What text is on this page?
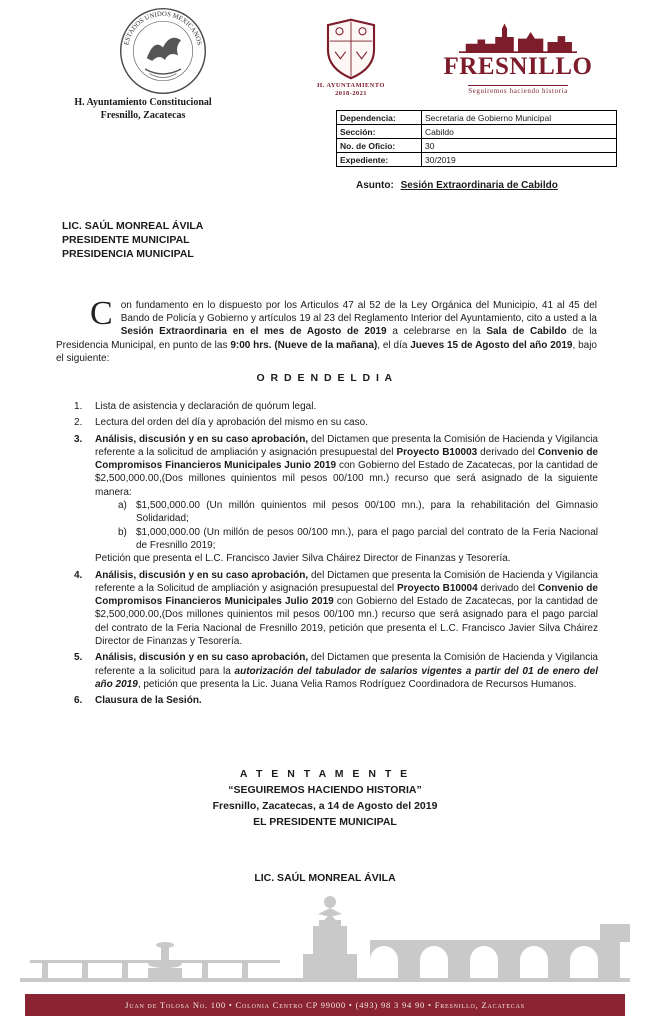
ESTADOS UNIDOS MEXICANOS
H. Ayuntamiento Constitucional
Fresnillo, Zacatecas
H. AYUNTAMIENTO
2018-2021
FRESNILLO
Seguiremos haciendo historia
Dependencia:	Secretaria de Gobierno Municipal
Sección:	Cabildo
No. de Oficio:	30
Expediente:	30/2019
Asunto: Sesión Extraordinaria de Cabildo
LIC. SAÚL MONREAL ÁVILA
PRESIDENTE MUNICIPAL
PRESIDENCIA MUNICIPAL

Con fundamento en lo dispuesto por los Articulos 47 al 52 de la Ley Orgánica del Municipio, 41 al 45 del Bando de Policía y Gobierno y artículos 19 al 23 del Reglamento Interior del Ayuntamiento, cito a usted a la Sesión Extraordinaria en el mes de Agosto de 2019 a celebrarse en la Sala de Cabildo de la Presidencia Municipal, en punto de las 9:00 hrs. (Nueve de la mañana), el día Jueves 15 de Agosto del año 2019, bajo el siguiente:

O R D E N D E L D I A
1.	Lista de asistencia y declaración de quórum legal.
2.	Lectura del orden del día y aprobación del mismo en su caso.
3.	Análisis, discusión y en su caso aprobación, del Dictamen que presenta la Comisión de Hacienda y Vigilancia referente a la solicitud de ampliación y asignación presupuestal del Proyecto B10003 derivado del Convenio de Compromisos Financieros Municipales Junio 2019 con Gobierno del Estado de Zacatecas, por la cantidad de $2,500,000.00,(Dos millones quinientos mil pesos 00/100 mn.) recurso que será asignado de la siguiente manera:
a) $1,500,000.00 (Un millón quinientos mil pesos 00/100 mn.), para la rehabilitación del Gimnasio Solidaridad;
b) $1,000,000.00 (Un millón de pesos 00/100 mn.), para el pago parcial del contrato de la Feria Nacional de Fresnillo 2019;
Petición que presenta el L.C. Francisco Javier Silva Cháirez Director de Finanzas y Tesorería.
4.	Análisis, discusión y en su caso aprobación, del Dictamen que presenta la Comisión de Hacienda y Vigilancia referente a la Solicitud de ampliación y asignación presupuestal del Proyecto B10004 derivado del Convenio de Compromisos Financieros Municipales Julio 2019 con Gobierno del Estado de Zacatecas, por la cantidad de $2,500,000.00,(Dos millones quinientos mil pesos 00/100 mn.) recurso que será asignado para el pago parcial del contrato de la Feria Nacional de Fresnillo 2019, petición que presenta el L.C. Francisco Javier Silva Cháirez Director de Finanzas y Tesorería.
5.	Análisis, discusión y en su caso aprobación, del Dictamen que presenta la Comisión de Hacienda y Vigilancia referente a la solicitud para la autorización del tabulador de salarios vigentes a partir del 01 de enero del año 2019, petición que presenta la Lic. Juana Velia Ramos Rodríguez Coordinadora de Recursos Humanos.
6.	Clausura de la Sesión.
A T E N T A M E N T E
“SEGUIREMOS HACIENDO HISTORIA”
Fresnillo, Zacatecas, a 14 de Agosto del 2019
EL PRESIDENTE MUNICIPAL
LIC. SAÚL MONREAL ÁVILA
Juan de Tolosa No. 100 • Colonia Centro CP 99000 • (493) 98 3 94 90 • Fresnillo, Zacatecas
